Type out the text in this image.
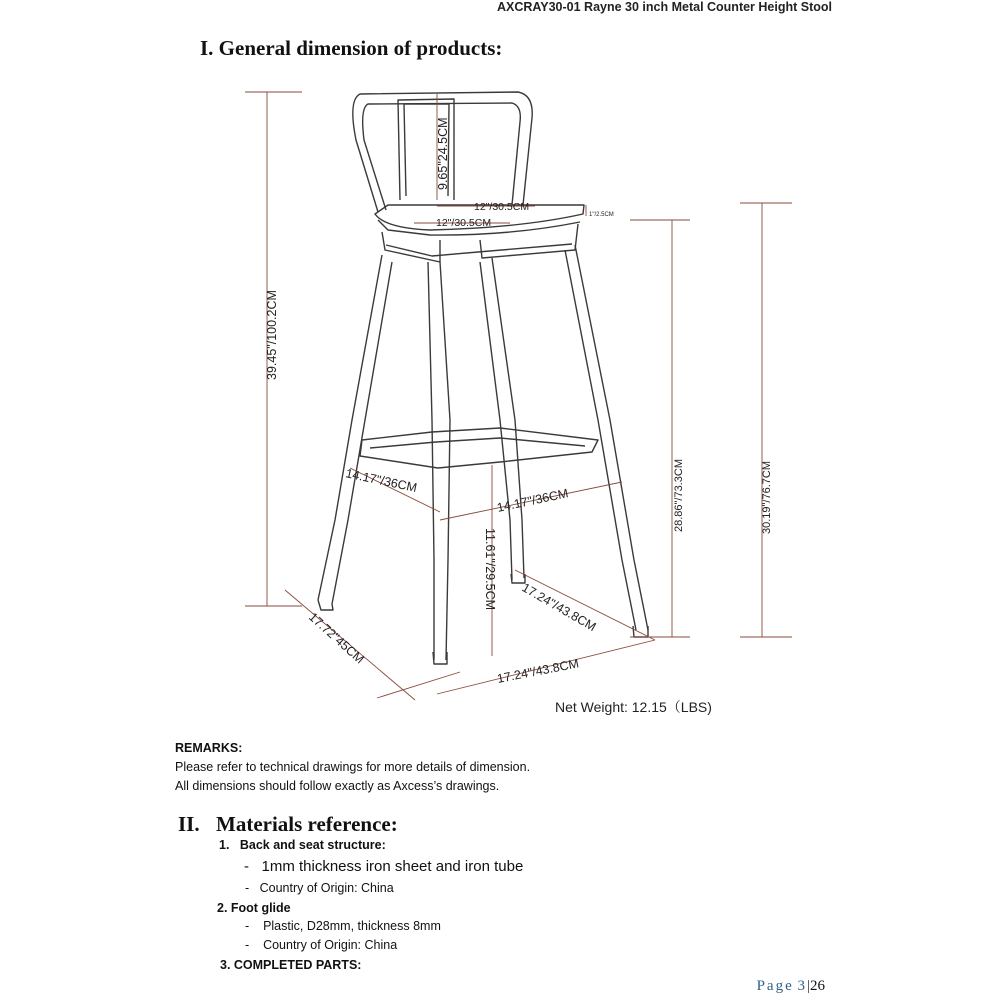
AXCRAY30-01 Rayne 30 inch Metal Counter Height Stool
I. General dimension of products:
39.45"/100.2CM
9.65"24.5CM
12"/30.5CM
12"/30.5CM
1"/2.5CM
14.17"/36CM
14.17"/36CM
11.61"/29.5CM 17.24"/43.8CM
17.24"/43.8CM
17.72"45CM
28.86"/73.3CM	30.19"/76.7CM
Net Weight: 12.15（LBS)
REMARKS:
Please refer to technical drawings for more details of dimension.
All dimensions should follow exactly as Axcess’s drawings.
II. Materials reference:
1.   Back and seat structure:
-   1mm thickness iron sheet and iron tube
-   Country of Origin: China
2. Foot glide
-    Plastic, D28mm, thickness 8mm
-    Country of Origin: China
3. COMPLETED PARTS:
Page 3|26
